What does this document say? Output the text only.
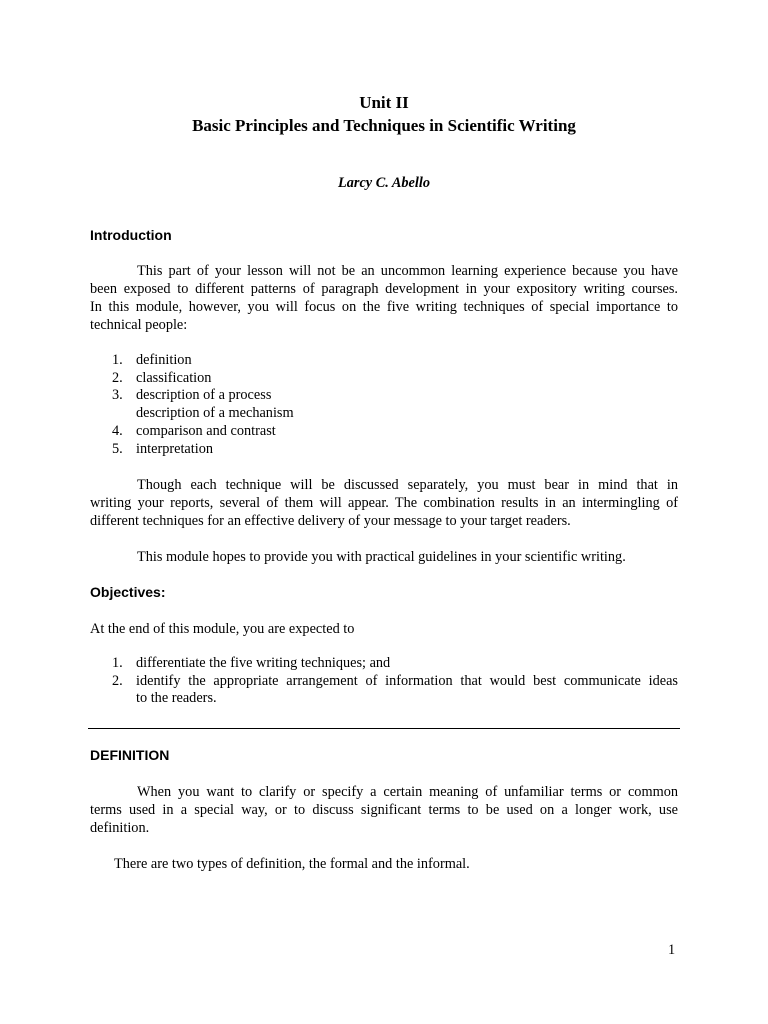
Unit II
Basic Principles and Techniques in Scientific Writing
Larcy C. Abello
Introduction
This part of your lesson will not be an uncommon learning experience because you have
been exposed to different patterns of paragraph development in your expository writing courses.
In this module, however, you will focus on the five writing techniques of special importance to
technical people:
1. definition
2. classification
3. description of a process
description of a mechanism
4. comparison and contrast
5. interpretation
Though each technique will be discussed separately, you must bear in mind that in
writing your reports, several of them will appear. The combination results in an intermingling of
different techniques for an effective delivery of your message to your target readers.
This module hopes to provide you with practical guidelines in your scientific writing.
Objectives:
At the end of this module, you are expected to
1. differentiate the five writing techniques; and
2. identify the appropriate arrangement of information that would best communicate ideas
to the readers.
DEFINITION
When you want to clarify or specify a certain meaning of unfamiliar terms or common
terms used in a special way, or to discuss significant terms to be used on a longer work, use
definition.
There are two types of definition, the formal and the informal.
1
